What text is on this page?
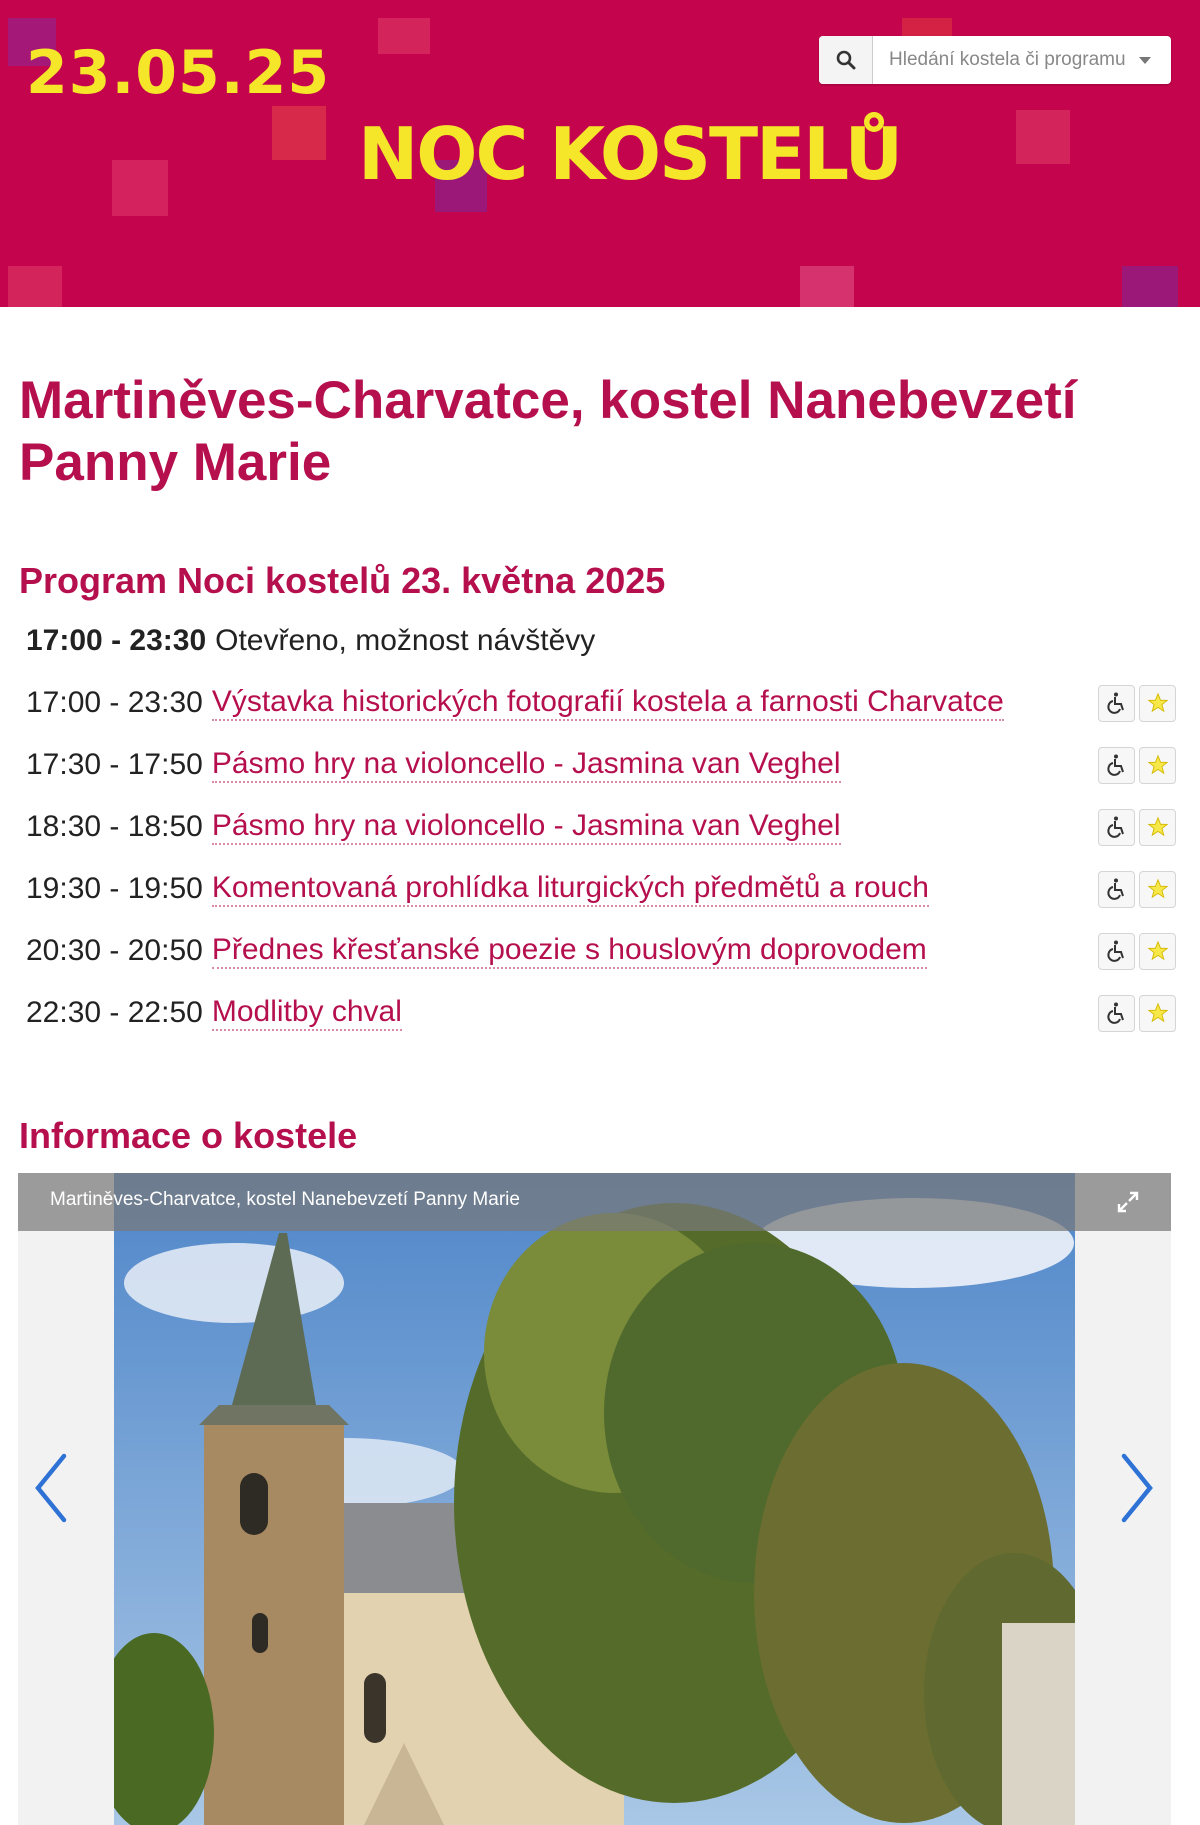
23.05.25
NOC KOSTELŮ
Hledání kostela či programu
Martiněves-Charvatce, kostel Nanebevzetí Panny Marie
Program Noci kostelů 23. května 2025
17:00 - 23:30 Otevřeno, možnost návštěvy
17:00 - 23:30 Výstavka historických fotografií kostela a farnosti Charvatce
17:30 - 17:50 Pásmo hry na violoncello - Jasmina van Veghel
18:30 - 18:50 Pásmo hry na violoncello - Jasmina van Veghel
19:30 - 19:50 Komentovaná prohlídka liturgických předmětů a rouch
20:30 - 20:50 Přednes křesťanské poezie s houslovým doprovodem
22:30 - 22:50 Modlitby chval
Informace o kostele
Martiněves-Charvatce, kostel Nanebevzetí Panny Marie
